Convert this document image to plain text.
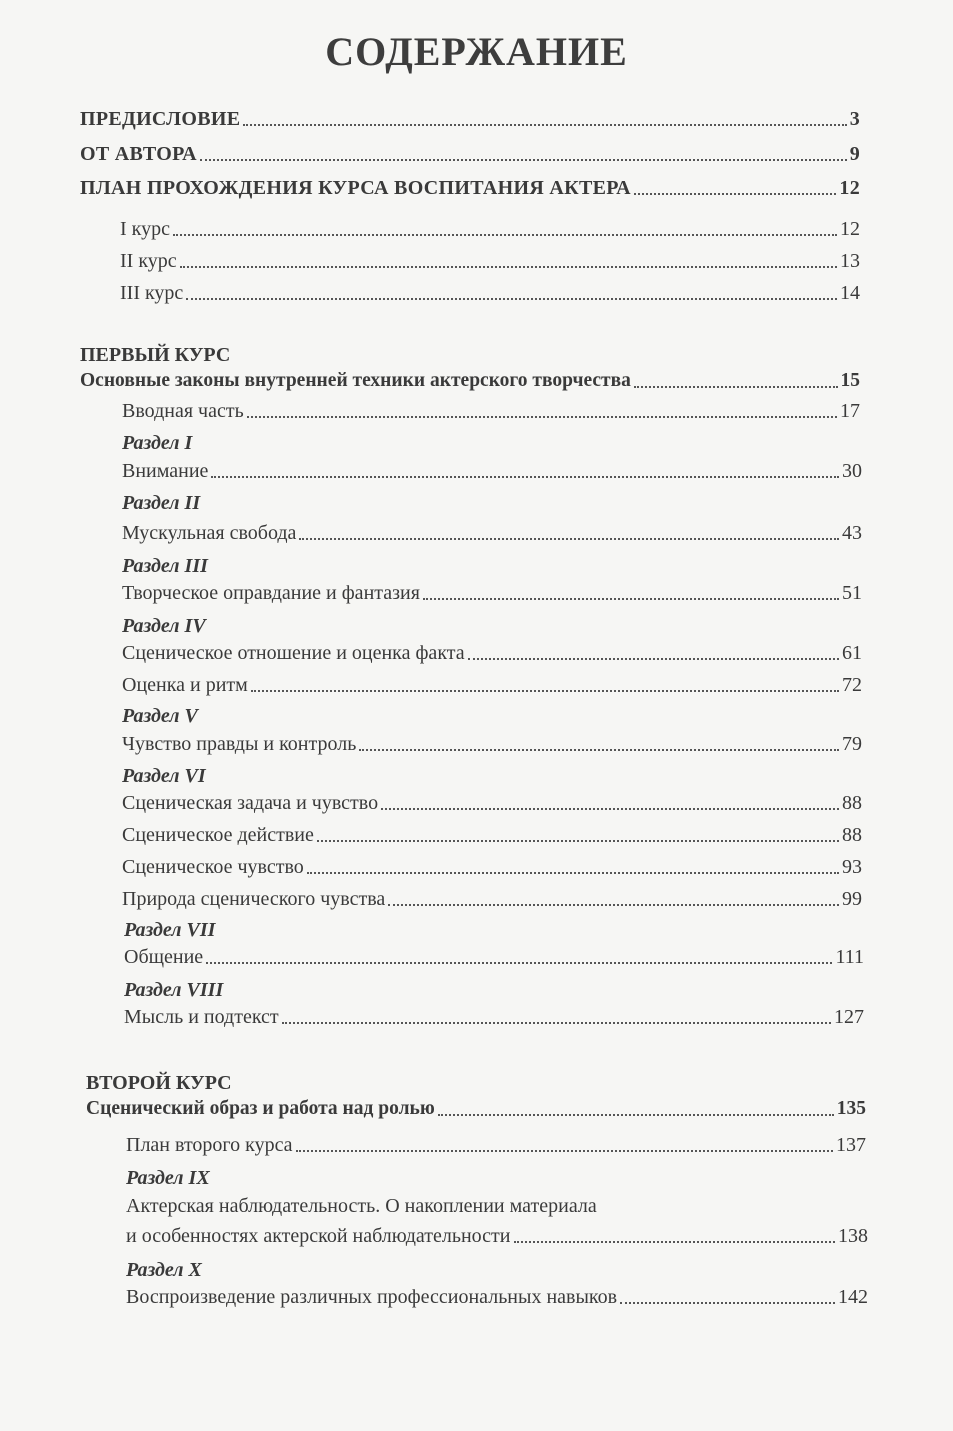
СОДЕРЖАНИЕ
ПРЕДИСЛОВИЕ	3
ОТ АВТОРА	9
ПЛАН ПРОХОЖДЕНИЯ КУРСА ВОСПИТАНИЯ АКТЕРА	12
I курс	12
II курс	13
III курс	14
ПЕРВЫЙ КУРС
Основные законы внутренней техники актерского творчества	15
Вводная часть	17
Раздел I
Внимание	30
Раздел II
Мускульная свобода	43
Раздел III
Творческое оправдание и фантазия	51
Раздел IV
Сценическое отношение и оценка факта	61
Оценка и ритм	72
Раздел V
Чувство правды и контроль	79
Раздел VI
Сценическая задача и чувство	88
Сценическое действие	88
Сценическое чувство	93
Природа сценического чувства	99
Раздел VII
Общение	111
Раздел VIII
Мысль и подтекст	127
ВТОРОЙ КУРС
Сценический образ и работа над ролью	135
План второго курса	137
Раздел IX
Актерская наблюдательность. О накоплении материала
и особенностях актерской наблюдательности	138
Раздел X
Воспроизведение различных профессиональных навыков	142
